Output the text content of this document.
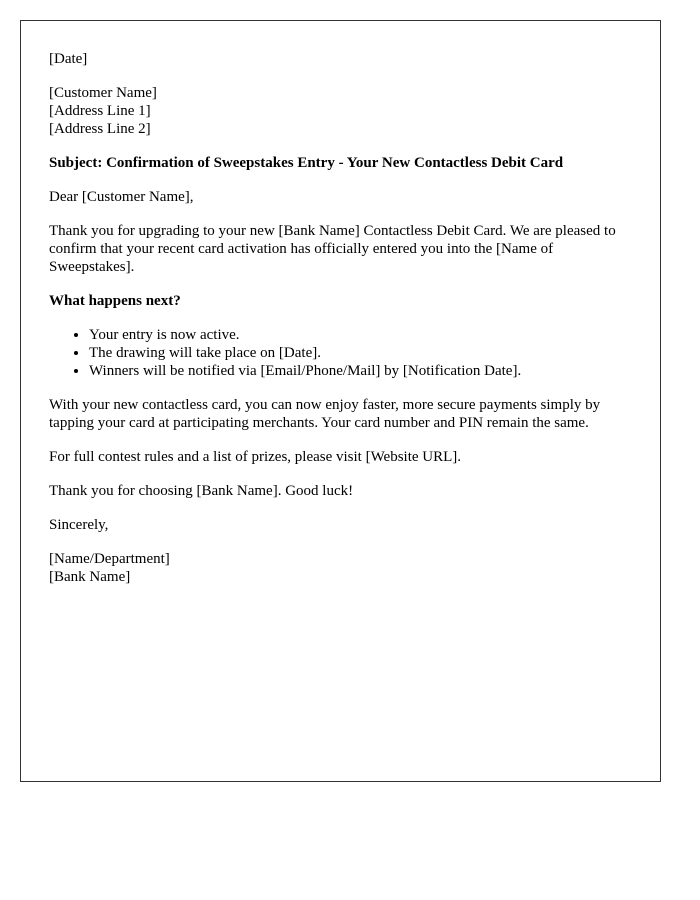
[Date]

[Customer Name]
[Address Line 1]
[Address Line 2]

Subject: Confirmation of Sweepstakes Entry - Your New Contactless Debit Card

Dear [Customer Name],

Thank you for upgrading to your new [Bank Name] Contactless Debit Card. We are pleased to confirm that your recent card activation has officially entered you into the [Name of Sweepstakes].

What happens next?

• Your entry is now active.
• The drawing will take place on [Date].
• Winners will be notified via [Email/Phone/Mail] by [Notification Date].

With your new contactless card, you can now enjoy faster, more secure payments simply by tapping your card at participating merchants. Your card number and PIN remain the same.

For full contest rules and a list of prizes, please visit [Website URL].

Thank you for choosing [Bank Name]. Good luck!

Sincerely,

[Name/Department]
[Bank Name]
